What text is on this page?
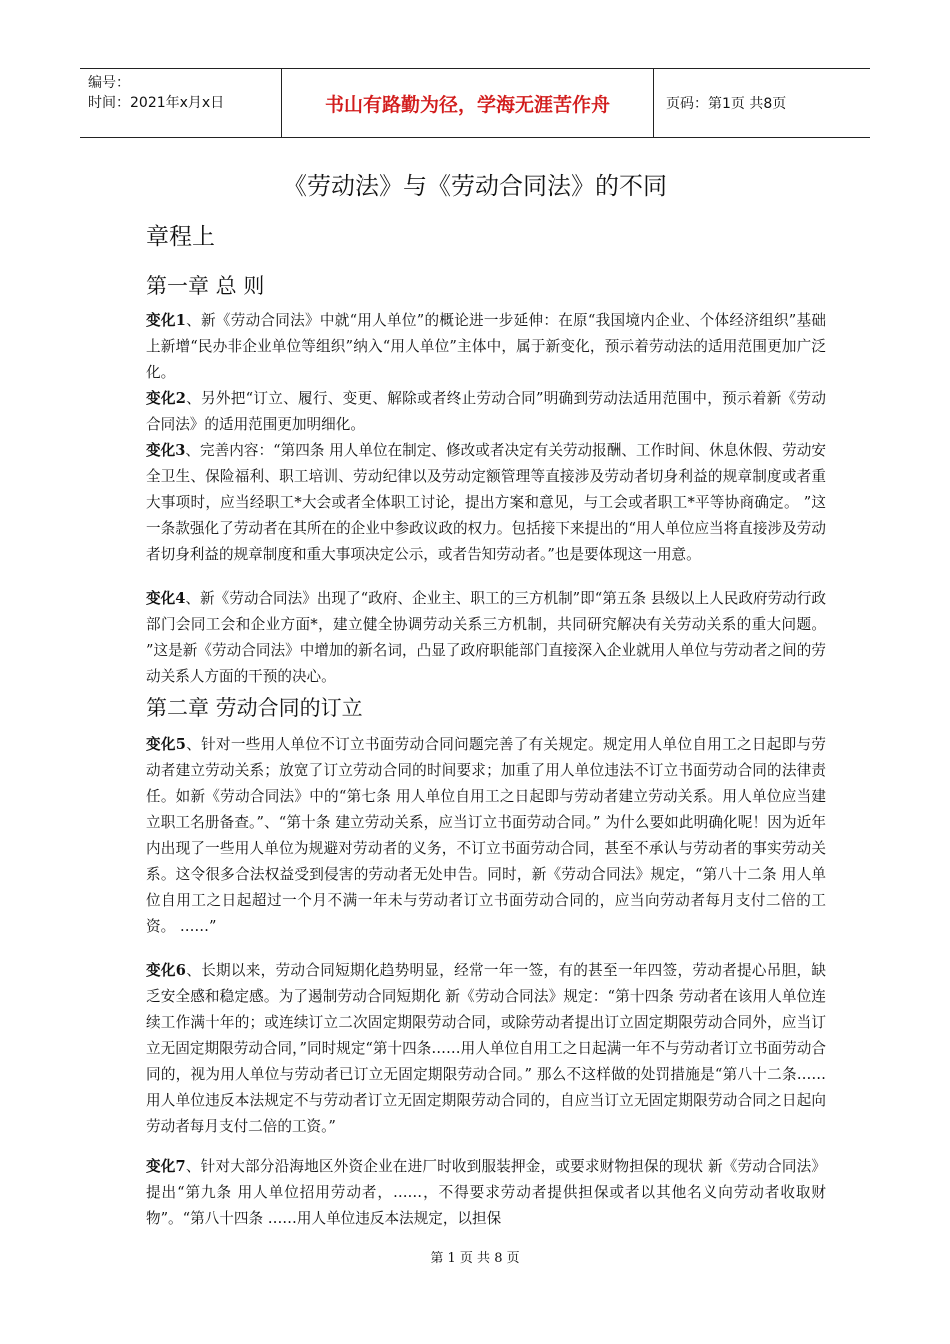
编号：
时间：2021年x月x日	书山有路勤为径，学海无涯苦作舟	页码：第1页 共8页
《劳动法》与《劳动合同法》的不同
章程上
第一章 总 则

变化1、新《劳动合同法》中就“用人单位”的概论进一步延伸：在原“我国境内企业、个体经济组织”基础上新增“民办非企业单位等组织”纳入“用人单位”主体中，属于新变化，预示着劳动法的适用范围更加广泛化。

变化2、另外把“订立、履行、变更、解除或者终止劳动合同”明确到劳动法适用范围中，预示着新《劳动合同法》的适用范围更加明细化。

变化3、完善内容：“第四条 用人单位在制定、修改或者决定有关劳动报酬、工作时间、休息休假、劳动安全卫生、保险福利、职工培训、劳动纪律以及劳动定额管理等直接涉及劳动者切身利益的规章制度或者重大事项时，应当经职工*大会或者全体职工讨论，提出方案和意见，与工会或者职工*平等协商确定。 ”这一条款强化了劳动者在其所在的企业中参政议政的权力。包括接下来提出的“用人单位应当将直接涉及劳动者切身利益的规章制度和重大事项决定公示，或者告知劳动者。”也是要体现这一用意。

变化4、新《劳动合同法》出现了“政府、企业主、职工的三方机制”即“第五条 县级以上人民政府劳动行政部门会同工会和企业方面*，建立健全协调劳动关系三方机制，共同研究解决有关劳动关系的重大问题。 ”这是新《劳动合同法》中增加的新名词，凸显了政府职能部门直接深入企业就用人单位与劳动者之间的劳动关系人方面的干预的决心。

第二章 劳动合同的订立

变化5、针对一些用人单位不订立书面劳动合同问题完善了有关规定。规定用人单位自用工之日起即与劳动者建立劳动关系；放宽了订立劳动合同的时间要求；加重了用人单位违法不订立书面劳动合同的法律责任。如新《劳动合同法》中的“第七条 用人单位自用工之日起即与劳动者建立劳动关系。用人单位应当建立职工名册备查。”、“第十条 建立劳动关系，应当订立书面劳动合同。” 为什么要如此明确化呢！因为近年内出现了一些用人单位为规避对劳动者的义务，不订立书面劳动合同，甚至不承认与劳动者的事实劳动关系。这令很多合法权益受到侵害的劳动者无处申告。同时，新《劳动合同法》规定，“第八十二条 用人单位自用工之日起超过一个月不满一年未与劳动者订立书面劳动合同的，应当向劳动者每月支付二倍的工资。 ……”

变化6、长期以来，劳动合同短期化趋势明显，经常一年一签，有的甚至一年四签，劳动者提心吊胆，缺乏安全感和稳定感。为了遏制劳动合同短期化 新《劳动合同法》规定：“第十四条 劳动者在该用人单位连续工作满十年的；或连续订立二次固定期限劳动合同，或除劳动者提出订立固定期限劳动合同外，应当订立无固定期限劳动合同，”同时规定“第十四条……用人单位自用工之日起满一年不与劳动者订立书面劳动合同的，视为用人单位与劳动者已订立无固定期限劳动合同。” 那么不这样做的处罚措施是“第八十二条…… 用人单位违反本法规定不与劳动者订立无固定期限劳动合同的，自应当订立无固定期限劳动合同之日起向劳动者每月支付二倍的工资。”

变化7、针对大部分沿海地区外资企业在进厂时收到服装押金，或要求财物担保的现状 新《劳动合同法》提出“第九条 用人单位招用劳动者，……，不得要求劳动者提供担保或者以其他名义向劳动者收取财物”。“第八十四条 ……用人单位违反本法规定，以担保

第 1 页 共 8 页
